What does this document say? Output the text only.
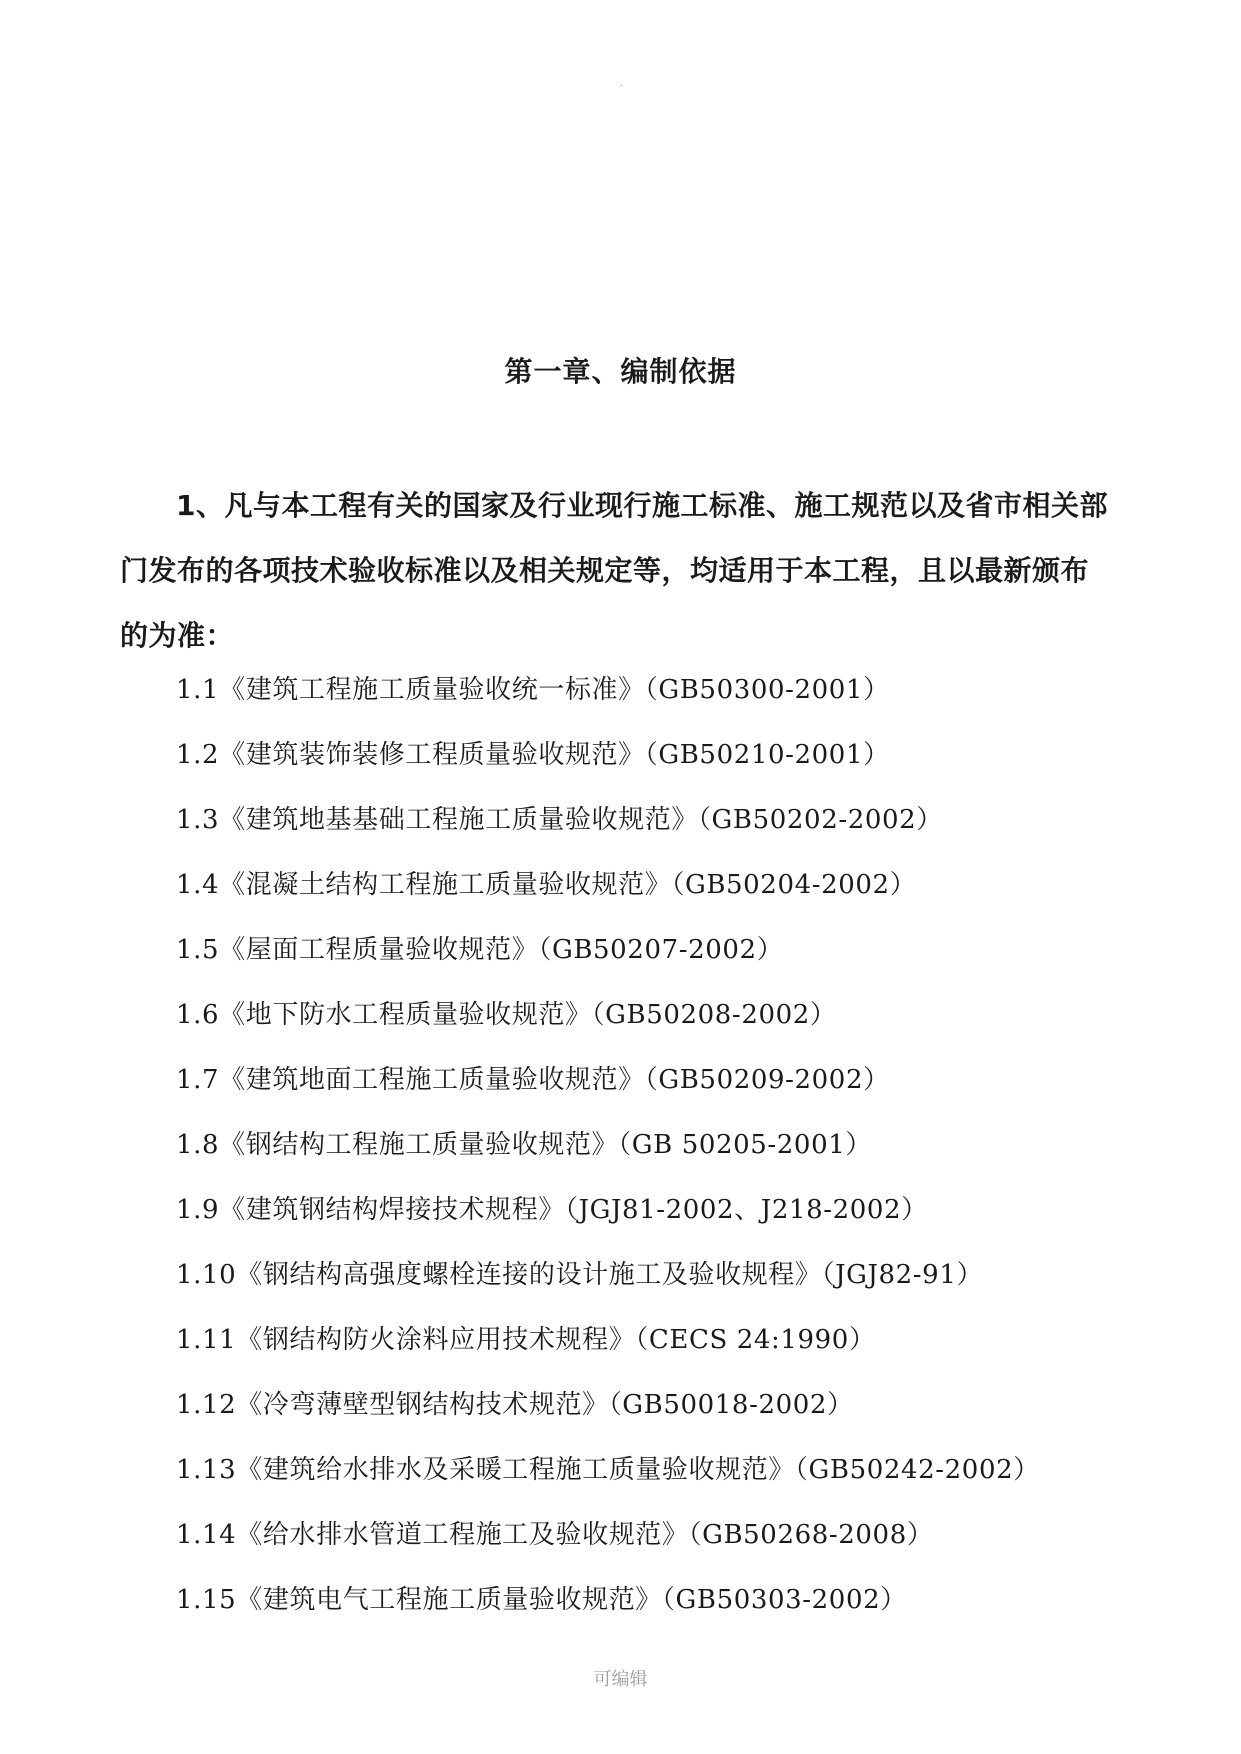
.
第一章、编制依据
1、凡与本工程有关的国家及行业现行施工标准、施工规范以及省市相关部
门发布的各项技术验收标准以及相关规定等，均适用于本工程，且以最新颁布
的为准：
1.1《建筑工程施工质量验收统一标准》（GB50300-2001）
1.2《建筑装饰装修工程质量验收规范》（GB50210-2001）
1.3《建筑地基基础工程施工质量验收规范》（GB50202-2002）
1.4《混凝土结构工程施工质量验收规范》（GB50204-2002）
1.5《屋面工程质量验收规范》（GB50207-2002）
1.6《地下防水工程质量验收规范》（GB50208-2002）
1.7《建筑地面工程施工质量验收规范》（GB50209-2002）
1.8《钢结构工程施工质量验收规范》（GB 50205-2001）
1.9《建筑钢结构焊接技术规程》（JGJ81-2002、J218-2002）
1.10《钢结构高强度螺栓连接的设计施工及验收规程》（JGJ82-91）
1.11《钢结构防火涂料应用技术规程》（CECS 24:1990）
1.12《冷弯薄壁型钢结构技术规范》（GB50018-2002）
1.13《建筑给水排水及采暖工程施工质量验收规范》（GB50242-2002）
1.14《给水排水管道工程施工及验收规范》（GB50268-2008）
1.15《建筑电气工程施工质量验收规范》（GB50303-2002）
可编辑
